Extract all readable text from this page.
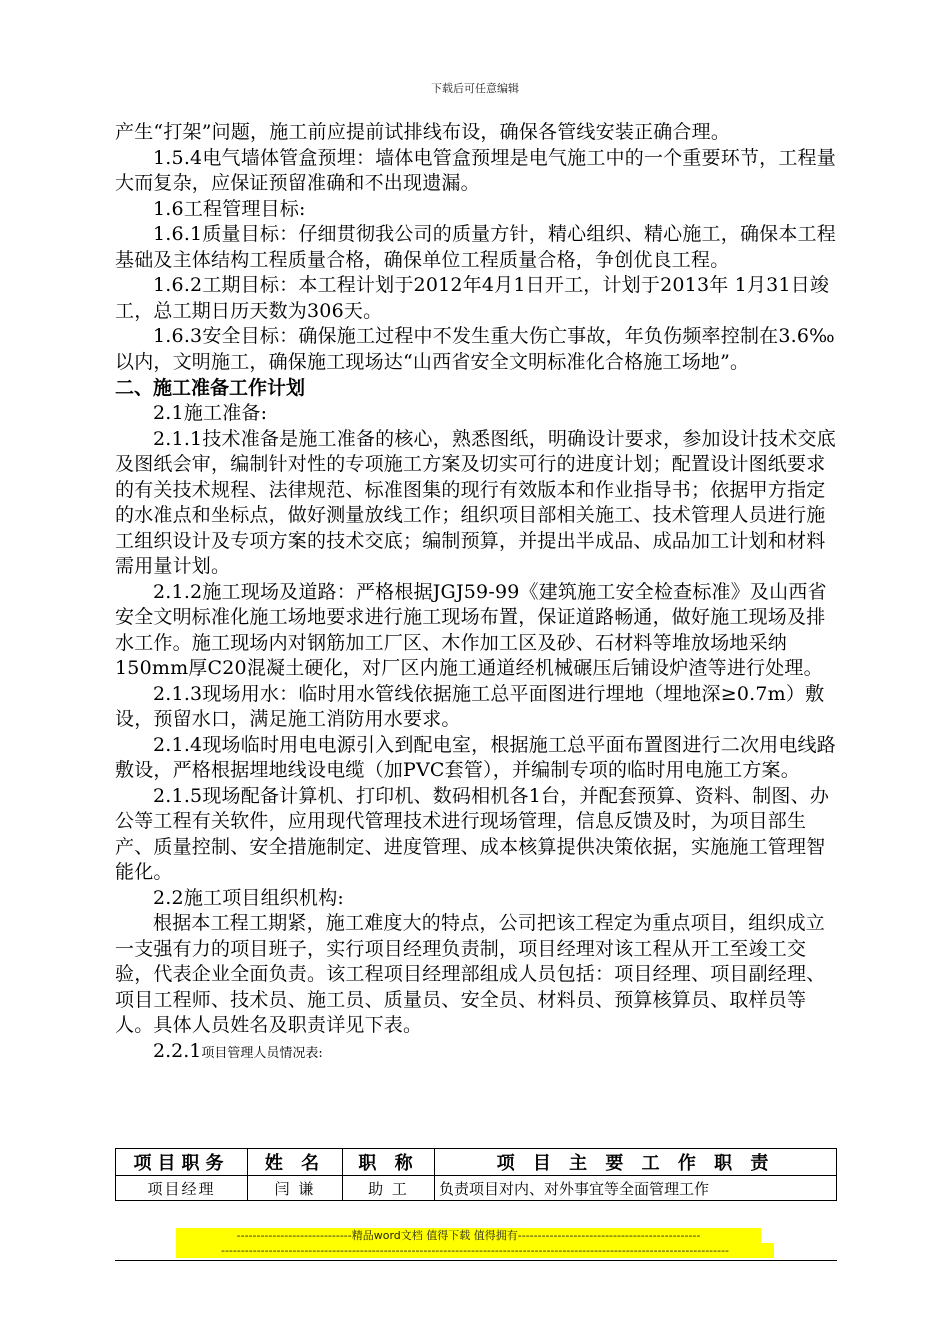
下载后可任意编辑

产生“打架”问题，施工前应提前试排线布设，确保各管线安装正确合理。

1.5.4电气墙体管盒预埋：墙体电管盒预埋是电气施工中的一个重要环节，工程量大而复杂，应保证预留准确和不出现遗漏。

1.6工程管理目标:

1.6.1质量目标：仔细贯彻我公司的质量方针，精心组织、精心施工，确保本工程基础及主体结构工程质量合格，确保单位工程质量合格，争创优良工程。

1.6.2工期目标：本工程计划于2012年4月1日开工，计划于2013年 1月31日竣工，总工期日历天数为306天。

1.6.3安全目标：确保施工过程中不发生重大伤亡事故，年负伤频率控制在3.6‰以内，文明施工，确保施工现场达“山西省安全文明标准化合格施工场地”。

二、施工准备工作计划

2.1施工准备:

2.1.1技术准备是施工准备的核心，熟悉图纸，明确设计要求，参加设计技术交底及图纸会审，编制针对性的专项施工方案及切实可行的进度计划；配置设计图纸要求的有关技术规程、法律规范、标准图集的现行有效版本和作业指导书；依据甲方指定的水准点和坐标点，做好测量放线工作；组织项目部相关施工、技术管理人员进行施工组织设计及专项方案的技术交底；编制预算，并提出半成品、成品加工计划和材料需用量计划。

2.1.2施工现场及道路：严格根据JGJ59-99《建筑施工安全检查标准》及山西省安全文明标准化施工场地要求进行施工现场布置，保证道路畅通，做好施工现场及排水工作。施工现场内对钢筋加工厂区、木作加工区及砂、石材料等堆放场地采纳150mm厚C20混凝土硬化，对厂区内施工通道经机械碾压后铺设炉渣等进行处理。

2.1.3现场用水：临时用水管线依据施工总平面图进行埋地（埋地深≥0.7m）敷设，预留水口，满足施工消防用水要求。

2.1.4现场临时用电电源引入到配电室，根据施工总平面布置图进行二次用电线路敷设，严格根据埋地线设电缆（加PVC套管），并编制专项的临时用电施工方案。

2.1.5现场配备计算机、打印机、数码相机各1台，并配套预算、资料、制图、办公等工程有关软件，应用现代管理技术进行现场管理，信息反馈及时，为项目部生产、质量控制、安全措施制定、进度管理、成本核算提供决策依据，实施施工管理智能化。

2.2施工项目组织机构:

根据本工程工期紧，施工难度大的特点，公司把该工程定为重点项目，组织成立一支强有力的项目班子，实行项目经理负责制，项目经理对该工程从开工至竣工交验，代表企业全面负责。该工程项目经理部组成人员包括：项目经理、项目副经理、项目工程师、技术员、施工员、质量员、安全员、材料员、预算核算员、取样员等人。具体人员姓名及职责详见下表。

2.2.1项目管理人员情况表:

项目职务	姓 名	职 称	项 目 主 要 工 作 职 责
项目经理	闫 谦	助 工	负责项目对内、对外事宜等全面管理工作
-----------------------------精品word文档 值得下载 值得拥有----------------------------------------------
--------------------------------------------------------------------------------------------------------------------------------
